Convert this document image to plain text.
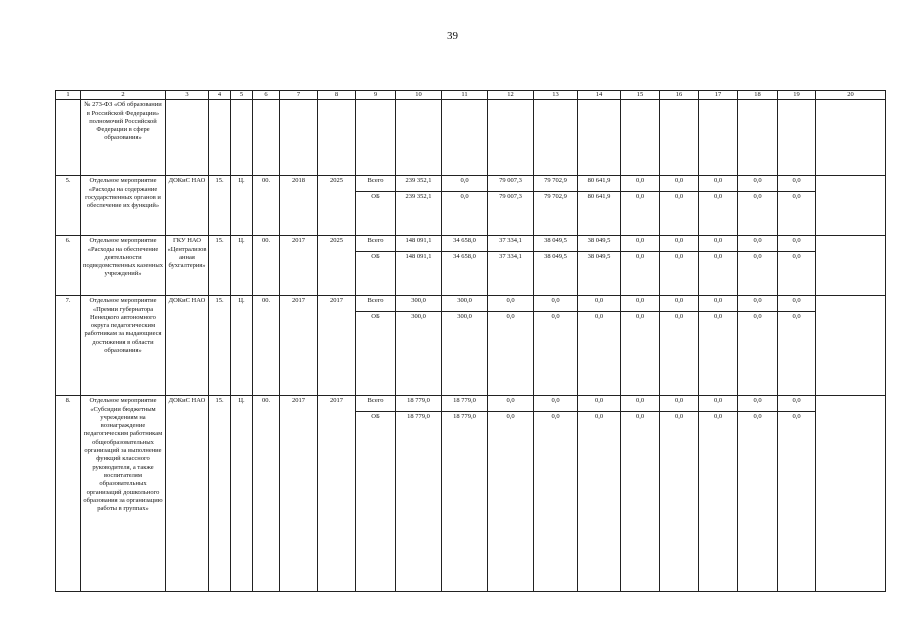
39
1	2	3	4	5	6	7	8	9	10	11	12	13	14	15	16	17	18	19	20
	№ 273-ФЗ «Об образовании в Российской Федерации» полномочий Российской Федерации в сфере образования»																		
5.	Отдельное мероприятие «Расходы на содержание государственных органов и обеспечение их функций»	ДОКиС НАО	15.	Ц.	00.	2018	2025	Всего	239 352,1	0,0	79 007,3	79 702,9	80 641,9	0,0	0,0	0,0	0,0	0,0	
								ОБ	239 352,1	0,0	79 007,3	79 702,9	80 641,9	0,0	0,0	0,0	0,0	0,0	
6.	Отдельное мероприятие «Расходы на обеспечение деятельности подведомственных казенных учреждений»	ГКУ НАО «Централизованная бухгалтерия»	15.	Ц.	00.	2017	2025	Всего	148 091,1	34 658,0	37 334,1	38 049,5	38 049,5	0,0	0,0	0,0	0,0	0,0	
								ОБ	148 091,1	34 658,0	37 334,1	38 049,5	38 049,5	0,0	0,0	0,0	0,0	0,0	
7.	Отдельное мероприятие «Премии губернатора Ненецкого автономного округа педагогическим работникам за выдающиеся достижения в области образования»	ДОКиС НАО	15.	Ц.	00.	2017	2017	Всего	300,0	300,0	0,0	0,0	0,0	0,0	0,0	0,0	0,0	0,0	
								ОБ	300,0	300,0	0,0	0,0	0,0	0,0	0,0	0,0	0,0	0,0	
8.	Отдельное мероприятие «Субсидии бюджетным учреждениям на вознаграждение педагогическим работникам общеобразовательных организаций за выполнение функций классного руководителя, а также воспитателям образовательных организаций дошкольного образования за организацию работы в группах»	ДОКиС НАО	15.	Ц.	00.	2017	2017	Всего	18 779,0	18 779,0	0,0	0,0	0,0	0,0	0,0	0,0	0,0	0,0	
								ОБ	18 779,0	18 779,0	0,0	0,0	0,0	0,0	0,0	0,0	0,0	0,0	
